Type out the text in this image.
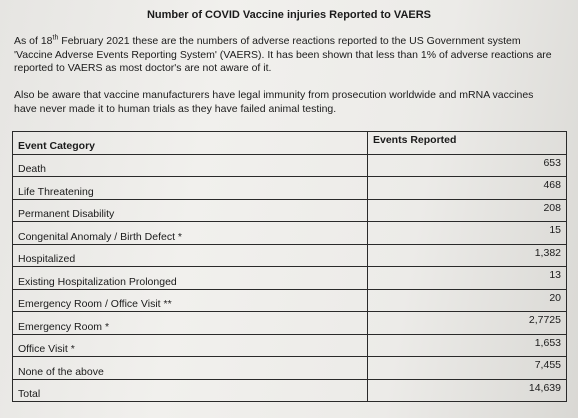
Number of COVID Vaccine injuries Reported to VAERS
As of 18th February 2021 these are the numbers of adverse reactions reported to the US Government system 'Vaccine Adverse Events Reporting System' (VAERS). It has been shown that less than 1% of adverse reactions are reported to VAERS as most doctor's are not aware of it.
Also be aware that vaccine manufacturers have legal immunity from prosecution worldwide and mRNA vaccines have never made it to human trials as they have failed animal testing.
Event Category	Events Reported
Death	653
Life Threatening	468
Permanent Disability	208
Congenital Anomaly / Birth Defect *	15
Hospitalized	1,382
Existing Hospitalization Prolonged	13
Emergency Room / Office Visit **	20
Emergency Room *	2,7725
Office Visit *	1,653
None of the above	7,455
Total	14,639
